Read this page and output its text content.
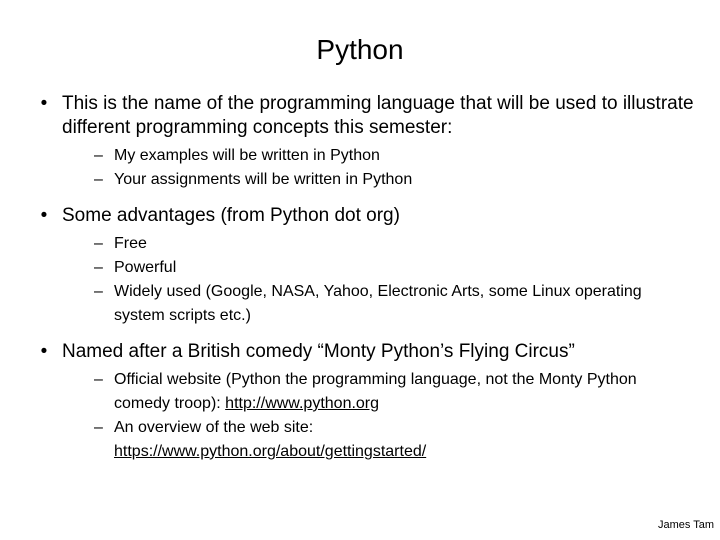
Python
• This is the name of the programming language that will be used to illustrate different programming concepts this semester:
– My examples will be written in Python
– Your assignments will be written in Python
• Some advantages (from Python dot org)
– Free
– Powerful
– Widely used (Google, NASA, Yahoo, Electronic Arts, some Linux operating system scripts etc.)
• Named after a British comedy “Monty Python’s Flying Circus”
– Official website (Python the programming language, not the Monty Python comedy troop): http://www.python.org
– An overview of the web site:
https://www.python.org/about/gettingstarted/
James Tam
